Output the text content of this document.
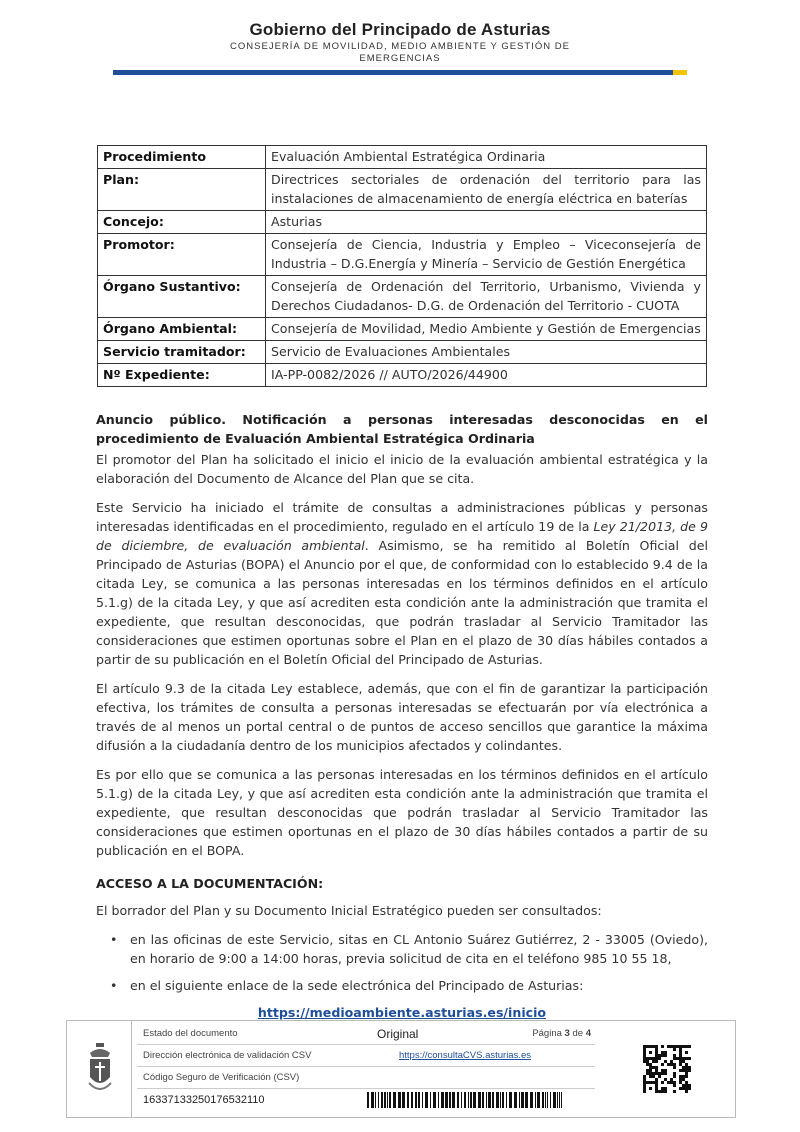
Gobierno del Principado de Asturias
CONSEJERÍA DE MOVILIDAD, MEDIO AMBIENTE Y GESTIÓN DE
EMERGENCIAS
Procedimiento	Evaluación Ambiental Estratégica Ordinaria
Plan:	Directrices sectoriales de ordenación del territorio para las instalaciones de almacenamiento de energía eléctrica en baterías
Concejo:	Asturias
Promotor:	Consejería de Ciencia, Industria y Empleo – Viceconsejería de Industria – D.G.Energía y Minería – Servicio de Gestión Energética
Órgano Sustantivo:	Consejería de Ordenación del Territorio, Urbanismo, Vivienda y Derechos Ciudadanos- D.G. de Ordenación del Territorio - CUOTA
Órgano Ambiental:	Consejería de Movilidad, Medio Ambiente y Gestión de Emergencias
Servicio tramitador:	Servicio de Evaluaciones Ambientales
Nº Expediente:	IA-PP-0082/2026 // AUTO/2026/44900

Anuncio público. Notificación a personas interesadas desconocidas en el procedimiento de Evaluación Ambiental Estratégica Ordinaria

El promotor del Plan ha solicitado el inicio el inicio de la evaluación ambiental estratégica y la elaboración del Documento de Alcance del Plan que se cita.

Este Servicio ha iniciado el trámite de consultas a administraciones públicas y personas interesadas identificadas en el procedimiento, regulado en el artículo 19 de la Ley 21/2013, de 9 de diciembre, de evaluación ambiental. Asimismo, se ha remitido al Boletín Oficial del Principado de Asturias (BOPA) el Anuncio por el que, de conformidad con lo establecido 9.4 de la citada Ley, se comunica a las personas interesadas en los términos definidos en el artículo 5.1.g) de la citada Ley, y que así acrediten esta condición ante la administración que tramita el expediente, que resultan desconocidas, que podrán trasladar al Servicio Tramitador las consideraciones que estimen oportunas sobre el Plan en el plazo de 30 días hábiles contados a partir de su publicación en el Boletín Oficial del Principado de Asturias.

El artículo 9.3 de la citada Ley establece, además, que con el fin de garantizar la participación efectiva, los trámites de consulta a personas interesadas se efectuarán por vía electrónica a través de al menos un portal central o de puntos de acceso sencillos que garantice la máxima difusión a la ciudadanía dentro de los municipios afectados y colindantes.

Es por ello que se comunica a las personas interesadas en los términos definidos en el artículo 5.1.g) de la citada Ley, y que así acrediten esta condición ante la administración que tramita el expediente, que resultan desconocidas que podrán trasladar al Servicio Tramitador las consideraciones que estimen oportunas en el plazo de 30 días hábiles contados a partir de su publicación en el BOPA.

ACCESO A LA DOCUMENTACIÓN:

El borrador del Plan y su Documento Inicial Estratégico pueden ser consultados:

• en las oficinas de este Servicio, sitas en CL Antonio Suárez Gutiérrez, 2 - 33005 (Oviedo), en horario de 9:00 a 14:00 horas, previa solicitud de cita en el teléfono 985 10 55 18,
• en el siguiente enlace de la sede electrónica del Principado de Asturias:
https://medioambiente.asturias.es/inicio
Estado del documento	Original	Página 3 de 4
Dirección electrónica de validación CSV	https://consultaCVS.asturias.es
Código Seguro de Verificación (CSV)
16337133250176532110
